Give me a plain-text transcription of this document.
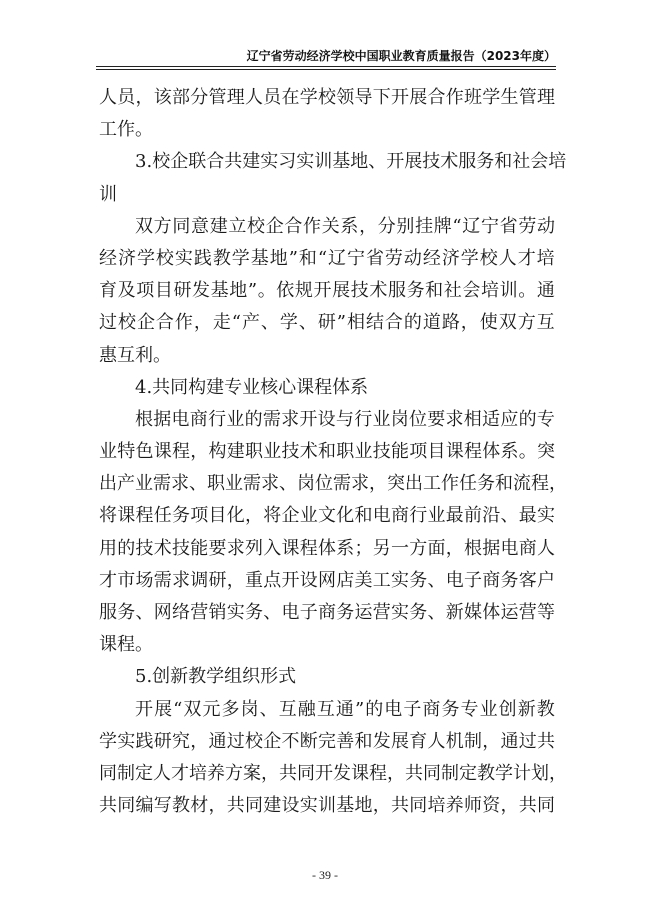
辽宁省劳动经济学校中国职业教育质量报告（2023年度）
人 员 ， 该 部 分 管 理 人 员 在 学 校 领 导 下 开 展 合 作 班 学 生 管 理
工作。
3 . 校 企 联 合 共 建 实 习 实 训 基 地 、 开 展 技 术 服 务 和 社 会 培
训
双 方 同 意 建 立 校 企 合 作 关 系 ， 分 别 挂 牌 “ 辽 宁 省 劳 动
经 济 学 校 实 践 教 学 基 地 ” 和 “ 辽 宁 省 劳 动 经 济 学 校 人 才 培
育 及 项 目 研 发 基 地 ” 。 依 规 开 展 技 术 服 务 和 社 会 培 训 。 通
过 校 企 合 作 ， 走 “ 产 、 学 、 研 ” 相 结 合 的 道 路 ， 使 双 方 互
惠互利。
4.共同构建专业核心课程体系
根 据 电 商 行 业 的 需 求 开 设 与 行 业 岗 位 要 求 相 适 应 的 专
业 特 色 课 程 ， 构 建 职 业 技 术 和 职 业 技 能 项 目 课 程 体 系 。 突
出 产 业 需 求 、 职 业 需 求 、 岗 位 需 求 ， 突 出 工 作 任 务 和 流 程 ，
将 课 程 任 务 项 目 化 ， 将 企 业 文 化 和 电 商 行 业 最 前 沿 、 最 实
用 的 技 术 技 能 要 求 列 入 课 程 体 系 ； 另 一 方 面 ， 根 据 电 商 人
才 市 场 需 求 调 研 ， 重 点 开 设 网 店 美 工 实 务 、 电 子 商 务 客 户
服 务 、 网 络 营 销 实 务 、 电 子 商 务 运 营 实 务 、 新 媒 体 运 营 等
课程。
5.创新教学组织形式
开 展 “ 双 元 多 岗 、 互 融 互 通 ” 的 电 子 商 务 专 业 创 新 教
学 实 践 研 究 ， 通 过 校 企 不 断 完 善 和 发 展 育 人 机 制 ， 通 过 共
同 制 定 人 才 培 养 方 案 ， 共 同 开 发 课 程 ， 共 同 制 定 教 学 计 划 ，
共 同 编 写 教 材 ， 共 同 建 设 实 训 基 地 ， 共 同 培 养 师 资 ， 共 同
- 39 -
